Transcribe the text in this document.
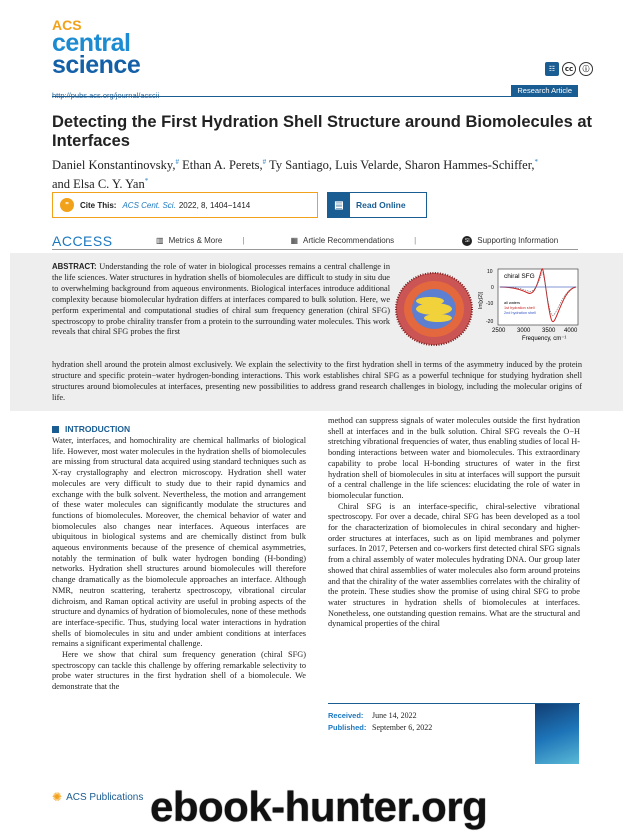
ACS
central
science	☷	cc	ⓘ
http://pubs.acs.org/journal/acscii
Research Article
Detecting the First Hydration Shell Structure around Biomolecules at Interfaces
Daniel Konstantinovsky,# Ethan A. Perets,# Ty Santiago, Luis Velarde, Sharon Hammes-Schiffer,*
and Elsa C. Y. Yan*
"	Cite This: ACS Cent. Sci. 2022, 8, 1404−1414	▤	Read Online
ACCESS	▥ Metrics & More	|	▦ Article Recommendations	|	SI Supporting Information
ABSTRACT: Understanding the role of water in biological processes remains a central challenge in the life sciences. Water structures in hydration shells of biomolecules are difficult to study in situ due to overwhelming background from aqueous environments. Biological interfaces introduce additional complexity because biomolecular hydration differs at interfaces compared to bulk solution. Here, we perform experimental and computational studies of chiral sum frequency generation (chiral SFG) spectroscopy to probe chirality transfer from a protein to the surrounding water molecules. This work reveals that chiral SFG probes the first
hydration shell around the protein almost exclusively. We explain the selectivity to the first hydration shell in terms of the asymmetry induced by the protein structure and specific protein−water hydrogen-bonding interactions. This work establishes chiral SFG as a powerful technique for studying hydration shell structures around biomolecules at interfaces, presenting new possibilities to address grand research challenges in biology, including the molecular origins of life.
chiral SFG
10
0
-10
-20
2500 3000 3500 4000
Frequency, cm⁻¹
Im[χ(2)]	all waters
1st hydration shell
2nd hydration shell
INTRODUCTION

Water, interfaces, and homochirality are chemical hallmarks of biological life. However, most water molecules in the hydration shells of biomolecules are missing from structural data acquired using standard techniques such as X-ray crystallography and electron microscopy. Hydration shell water molecules are very difficult to study due to their rapid dynamics and exchange with the bulk solvent. Nevertheless, the motion and arrangement of these water molecules can significantly modulate the structures and functions of biomolecules. Moreover, the chemical behavior of water and biomolecules also changes near interfaces. Aqueous interfaces are ubiquitous in biological systems and are chemically distinct from bulk aqueous environments because of the presence of chemical asymmetries, notably the termination of bulk water hydrogen bonding (H-bonding) networks. Hydration shell structures around biomolecules will therefore change dramatically as the biomolecule approaches an interface. Although NMR, neutron scattering, terahertz spectroscopy, vibrational circular dichroism, and Raman optical activity are useful in probing aspects of the structure and dynamics of hydration of biomolecules, none of these methods are interface-specific. Thus, studying local water interactions in hydration shells of biomolecules in situ and under ambient conditions at interfaces remains a significant experimental challenge.

Here we show that chiral sum frequency generation (chiral SFG) spectroscopy can tackle this challenge by offering remarkable selectivity to probe water structures in the first hydration shell of a biomolecule. We demonstrate that the

method can suppress signals of water molecules outside the first hydration shell at interfaces and in the bulk solution. Chiral SFG reveals the O−H stretching vibrational frequencies of water, thus enabling studies of local H-bonding interactions between water and biomolecules. This extraordinary capability to probe local H-bonding structures of water in the first hydration shell of biomolecules in situ at interfaces will support the pursuit of a central challenge in the life sciences: elucidating the role of water in biomolecular function.

Chiral SFG is an interface-specific, chiral-selective vibrational spectroscopy. For over a decade, chiral SFG has been developed as a tool for the characterization of biomolecules in chiral secondary and higher-order structures at interfaces, such as on lipid membranes and polymer surfaces. In 2017, Petersen and co-workers first detected chiral SFG signals from a chiral assembly of water molecules hydrating DNA. Our group later showed that chiral assemblies of water molecules also form around proteins and that the chirality of the water assemblies correlates with the chirality of the protein. These studies show the promise of using chiral SFG to probe water structures in hydration shells of biomolecules at interfaces. Nonetheless, one outstanding question remains. What are the structural and dynamical properties of the chiral

Received: June 14, 2022
Published: September 6, 2022
✺ ACS Publications ebook-hunter.org
